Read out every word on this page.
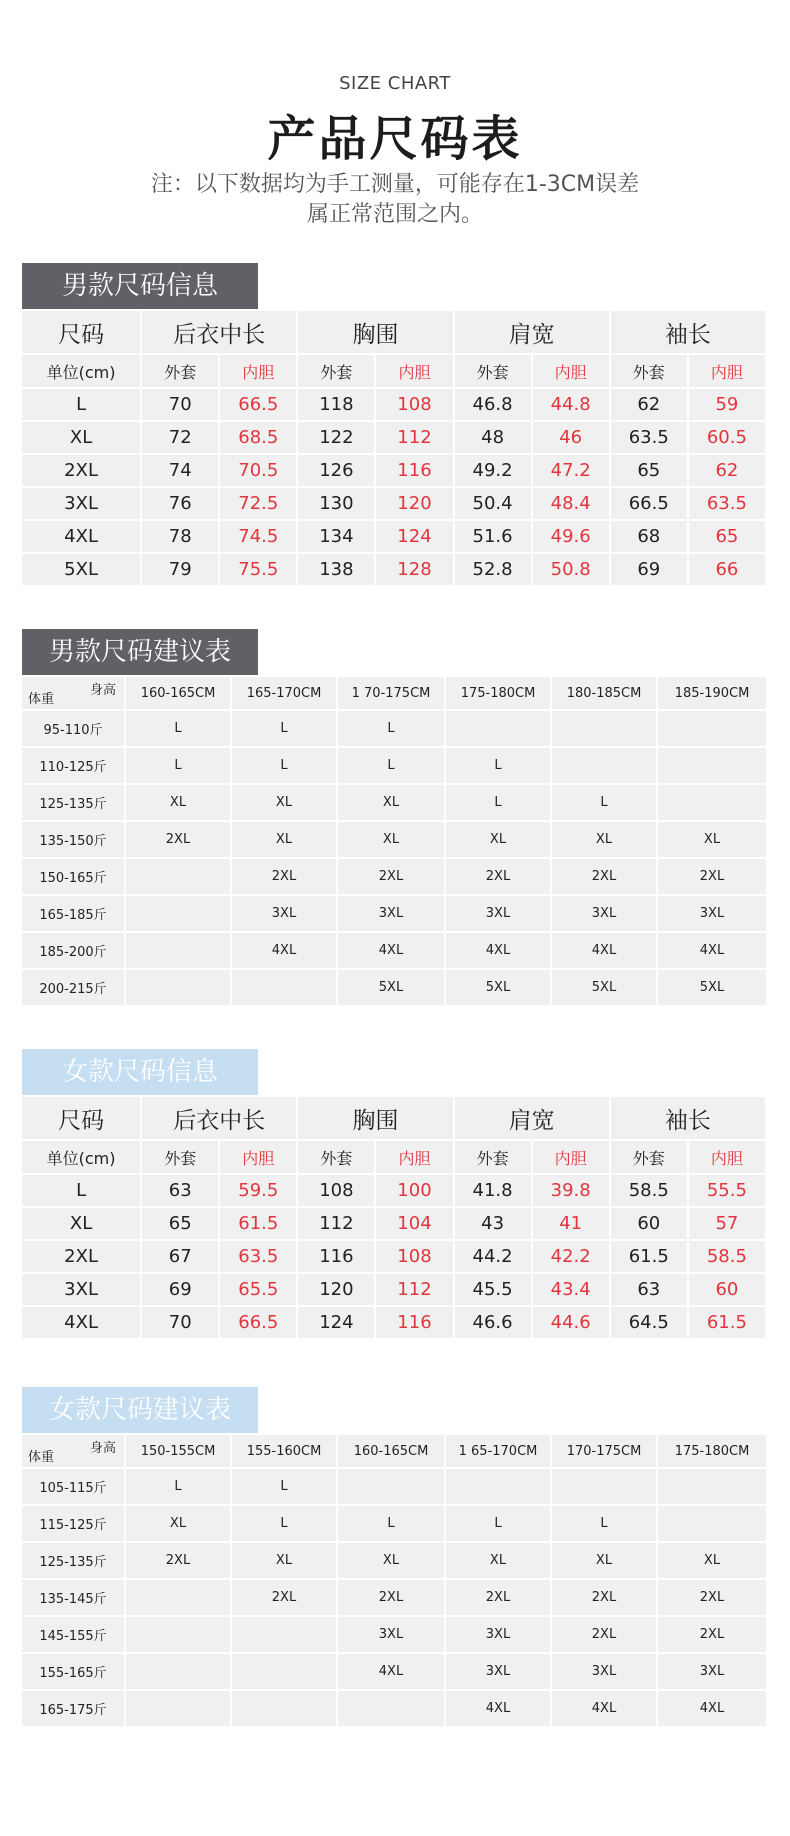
SIZE CHART
产品尺码表
注：以下数据均为手工测量，可能存在1-3CM误差
属正常范围之内。
男款尺码信息
尺码	后衣中长		胸围		肩宽		袖长	
单位(cm)	外套	内胆	外套	内胆	外套	内胆	外套	内胆
L	70	66.5	118	108	46.8	44.8	62	59
XL	72	68.5	122	112	48	46	63.5	60.5
2XL	74	70.5	126	116	49.2	47.2	65	62
3XL	76	72.5	130	120	50.4	48.4	66.5	63.5
4XL	78	74.5	134	124	51.6	49.6	68	65
5XL	79	75.5	138	128	52.8	50.8	69	66
男款尺码建议表
身高
体重	160-165CM	165-170CM	1 70-175CM	175-180CM	180-185CM	185-190CM
95-110斤	L	L	L			
110-125斤	L	L	L	L		
125-135斤	XL	XL	XL	L	L	
135-150斤	2XL	XL	XL	XL	XL	XL
150-165斤		2XL	2XL	2XL	2XL	2XL
165-185斤		3XL	3XL	3XL	3XL	3XL
185-200斤		4XL	4XL	4XL	4XL	4XL
200-215斤			5XL	5XL	5XL	5XL
女款尺码信息
尺码	后衣中长		胸围		肩宽		袖长	
单位(cm)	外套	内胆	外套	内胆	外套	内胆	外套	内胆
L	63	59.5	108	100	41.8	39.8	58.5	55.5
XL	65	61.5	112	104	43	41	60	57
2XL	67	63.5	116	108	44.2	42.2	61.5	58.5
3XL	69	65.5	120	112	45.5	43.4	63	60
4XL	70	66.5	124	116	46.6	44.6	64.5	61.5
女款尺码建议表
身高
体重	150-155CM	155-160CM	160-165CM	1 65-170CM	170-175CM	175-180CM
105-115斤	L	L				
115-125斤	XL	L	L	L	L	
125-135斤	2XL	XL	XL	XL	XL	XL
135-145斤		2XL	2XL	2XL	2XL	2XL
145-155斤			3XL	3XL	2XL	2XL
155-165斤			4XL	3XL	3XL	3XL
165-175斤				4XL	4XL	4XL
